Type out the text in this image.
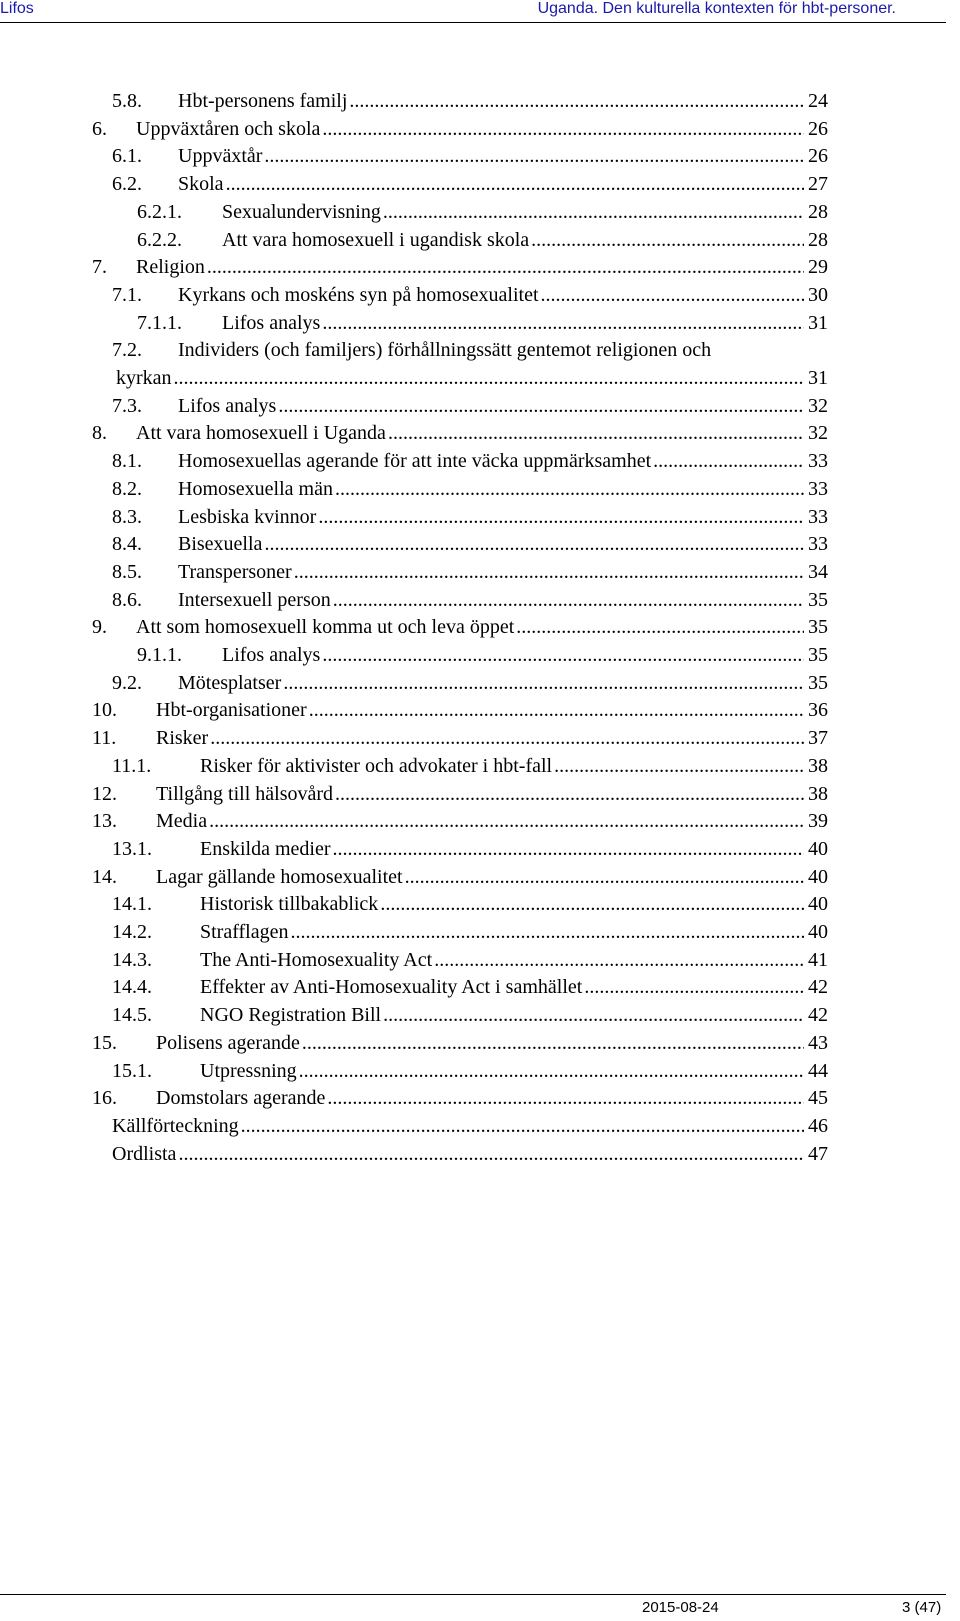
Lifos	Uganda. Den kulturella kontexten för hbt-personer.
5.8. Hbt-personens familj .....	24
6. Uppväxtåren och skola .....	26
6.1. Uppväxtår .....	26
6.2. Skola .....	27
6.2.1. Sexualundervisning .....	28
6.2.2. Att vara homosexuell i ugandisk skola .....	28
7. Religion .....	29
7.1. Kyrkans och moskéns syn på homosexualitet .....	30
7.1.1. Lifos analys .....	31
7.2. Individers (och familjers) förhållningssätt gentemot religionen och
kyrkan .....	31
7.3. Lifos analys .....	32
8. Att vara homosexuell i Uganda .....	32
8.1. Homosexuellas agerande för att inte väcka uppmärksamhet .....	33
8.2. Homosexuella män .....	33
8.3. Lesbiska kvinnor .....	33
8.4. Bisexuella .....	33
8.5. Transpersoner .....	34
8.6. Intersexuell person .....	35
9. Att som homosexuell komma ut och leva öppet .....	35
9.1.1. Lifos analys .....	35
9.2. Mötesplatser .....	35
10. Hbt-organisationer .....	36
11. Risker .....	37
11.1. Risker för aktivister och advokater i hbt-fall .....	38
12. Tillgång till hälsovård .....	38
13. Media .....	39
13.1. Enskilda medier .....	40
14. Lagar gällande homosexualitet .....	40
14.1. Historisk tillbakablick .....	40
14.2. Strafflagen .....	40
14.3. The Anti-Homosexuality Act .....	41
14.4. Effekter av Anti-Homosexuality Act i samhället .....	42
14.5. NGO Registration Bill .....	42
15. Polisens agerande .....	43
15.1. Utpressning .....	44
16. Domstolars agerande .....	45
Källförteckning .....	46
Ordlista .....	47
2015-08-24	3 (47)
